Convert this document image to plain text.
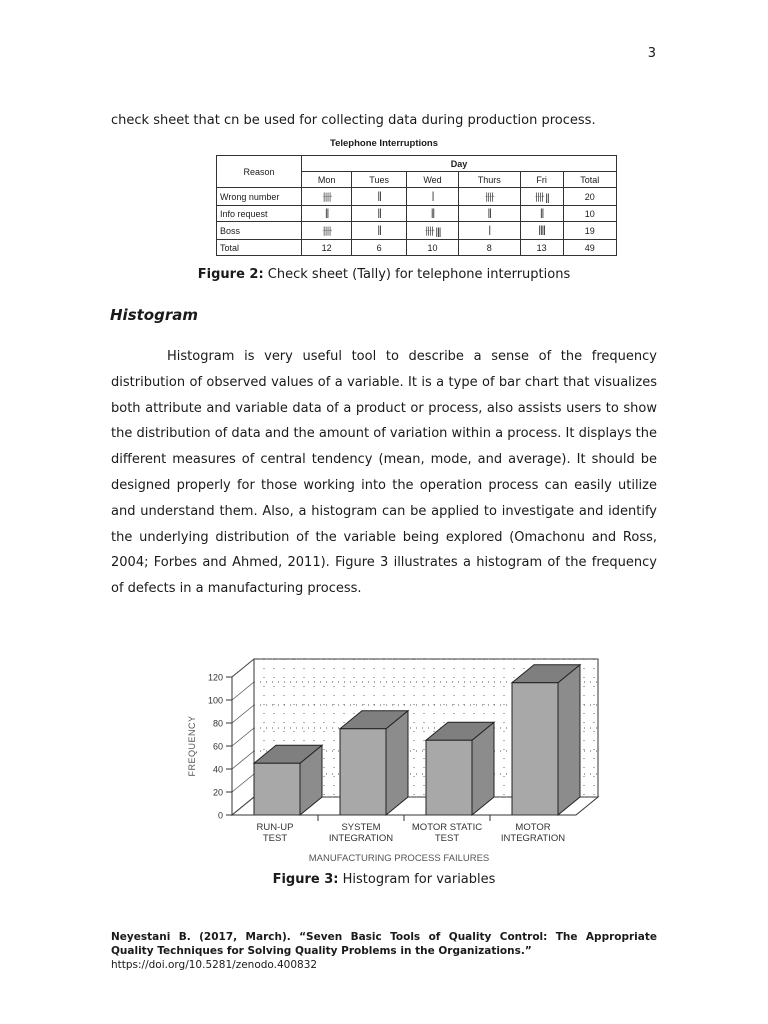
3
check sheet that cn be used for collecting data during production process.
Telephone Interruptions
Reason	Day					
	Mon	Tues	Wed	Thurs	Fri	Total
Wrong number	卌	||	|	卌	卌 ||	20
Info request	||	||	||	||	||	10
Boss	卌	||	卌 |||	|	||||	19
Total	12	6	10	8	13	49
Figure 2: Check sheet (Tally) for telephone interruptions
Histogram

Histogram is very useful tool to describe a sense of the frequency distribution of observed values of a variable. It is a type of bar chart that visualizes both attribute and variable data of a product or process, also assists users to show the distribution of data and the amount of variation within a process. It displays the different measures of central tendency (mean, mode, and average). It should be designed properly for those working into the operation process can easily utilize and understand them. Also, a histogram can be applied to investigate and identify the underlying distribution of the variable being explored (Omachonu and Ross, 2004; Forbes and Ahmed, 2011). Figure 3 illustrates a histogram of the frequency of defects in a manufacturing process.

0
20
40
60
80
100
120
FREQUENCY
RUN-UP
TEST
SYSTEM
INTEGRATION
MOTOR STATIC
TEST
MOTOR
INTEGRATION
MANUFACTURING PROCESS FAILURES
Figure 3: Histogram for variables
Neyestani B. (2017, March). “Seven Basic Tools of Quality Control: The Appropriate
Quality Techniques for Solving Quality Problems in the Organizations.”
https://doi.org/10.5281/zenodo.400832
